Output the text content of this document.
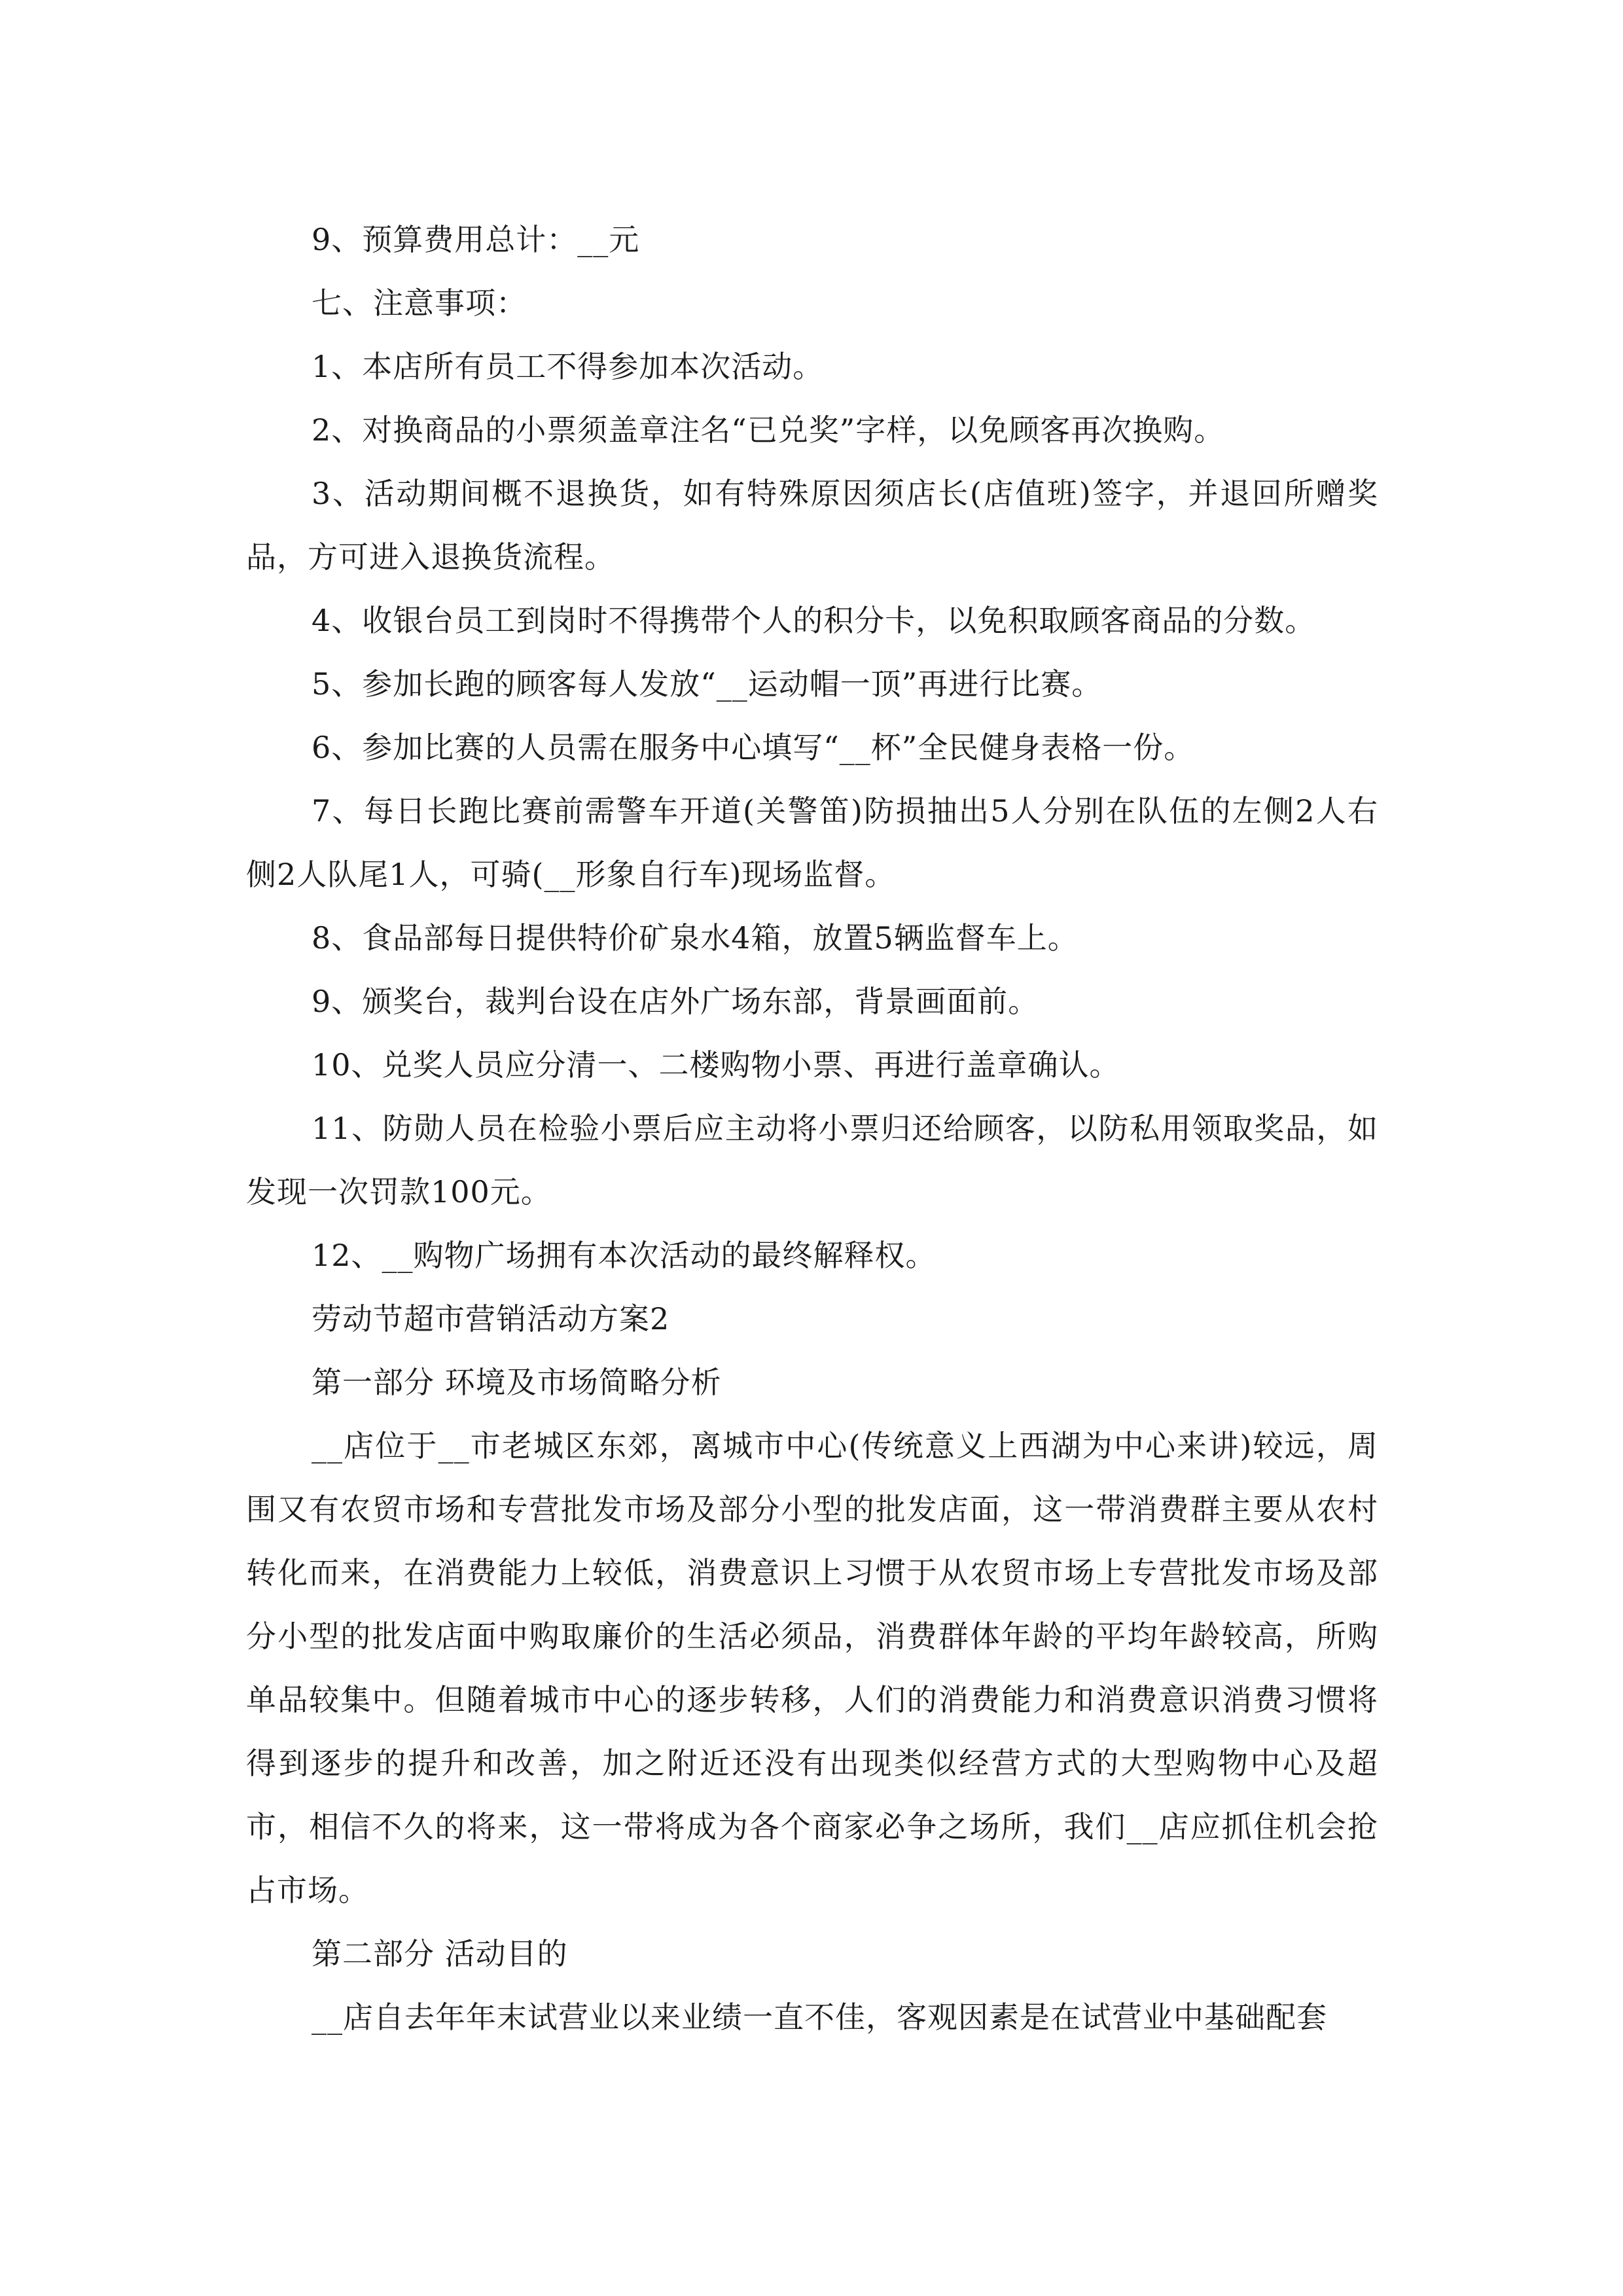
9、预算费用总计：__元

七、注意事项：

1、本店所有员工不得参加本次活动。

2、对换商品的小票须盖章注名“已兑奖”字样，以免顾客再次换购。

3、活动期间概不退换货，如有特殊原因须店长(店值班)签字，并退回所赠奖品，方可进入退换货流程。

4、收银台员工到岗时不得携带个人的积分卡，以免积取顾客商品的分数。

5、参加长跑的顾客每人发放“__运动帽一顶”再进行比赛。

6、参加比赛的人员需在服务中心填写“__杯”全民健身表格一份。

7、每日长跑比赛前需警车开道(关警笛)防损抽出5人分别在队伍的左侧2人右侧2人队尾1人，可骑(__形象自行车)现场监督。

8、食品部每日提供特价矿泉水4箱，放置5辆监督车上。

9、颁奖台，裁判台设在店外广场东部，背景画面前。

10、兑奖人员应分清一、二楼购物小票、再进行盖章确认。

11、防勋人员在检验小票后应主动将小票归还给顾客，以防私用领取奖品，如发现一次罚款100元。

12、__购物广场拥有本次活动的最终解释权。

劳动节超市营销活动方案2

第一部分 环境及市场简略分析

__店位于__市老城区东郊，离城市中心(传统意义上西湖为中心来讲)较远，周围又有农贸市场和专营批发市场及部分小型的批发店面，这一带消费群主要从农村转化而来，在消费能力上较低，消费意识上习惯于从农贸市场上专营批发市场及部分小型的批发店面中购取廉价的生活必须品，消费群体年龄的平均年龄较高，所购单品较集中。但随着城市中心的逐步转移，人们的消费能力和消费意识消费习惯将得到逐步的提升和改善，加之附近还没有出现类似经营方式的大型购物中心及超市，相信不久的将来，这一带将成为各个商家必争之场所，我们__店应抓住机会抢占市场。

第二部分 活动目的

__店自去年年末试营业以来业绩一直不佳，客观因素是在试营业中基础配套
